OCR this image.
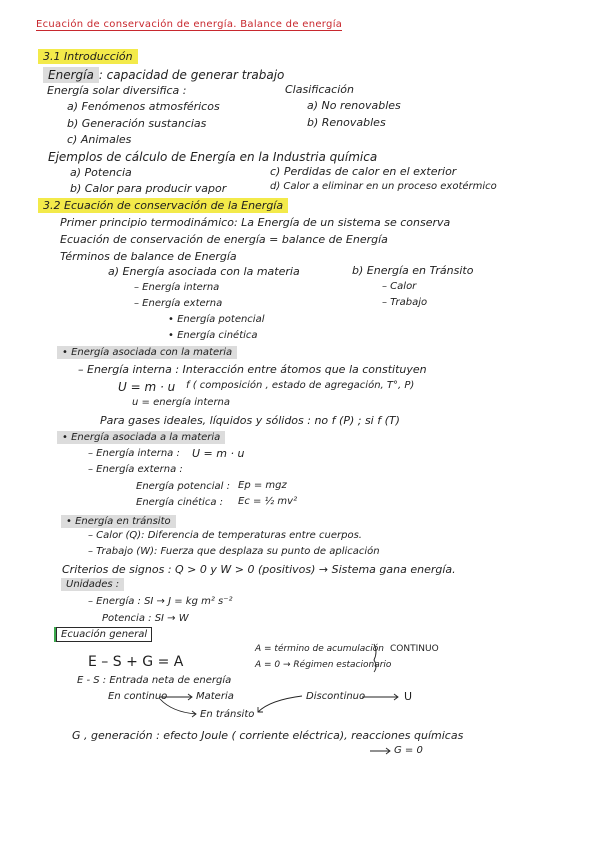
Ecuación de conservación de energía. Balance de energía
3.1 Introducción
Energía : capacidad de generar trabajo
Energía solar diversifica :	Clasificación
a) Fenómenos atmosféricos
b) Generación sustancias
c) Animales
a) No renovables
b) Renovables
Ejemplos de cálculo de Energía en la Industria química
a) Potencia	c) Perdidas de calor en el exterior
b) Calor para producir vapor	d) Calor a eliminar en un proceso exotérmico
3.2 Ecuación de conservación de la Energía
Primer principio termodinámico: La Energía de un sistema se conserva
Ecuación de conservación de energía = balance de Energía
Términos de balance de Energía
a) Energía asociada con la materia	b) Energía en Tránsito
– Energía interna	– Calor
– Energía externa	– Trabajo
• Energía potencial
• Energía cinética
• Energía asociada con la materia
– Energía interna : Interacción entre átomos que la constituyen
U = m · u f ( composición , estado de agregación, T°, P)
u = energía interna
Para gases ideales, líquidos y sólidos : no f (P) ; si f (T)
• Energía asociada a la materia
– Energía interna : U = m · u
– Energía externa :
Energía potencial : Ep = mgz
Energía cinética : Ec = ½ mv²
• Energía en tránsito
– Calor (Q): Diferencia de temperaturas entre cuerpos.
– Trabajo (W): Fuerza que desplaza su punto de aplicación
Criterios de signos : Q > 0 y W > 0 (positivos) → Sistema gana energía.
Unidades :
– Energía : SI → J = kg m² s⁻²
Potencia : SI → W
Ecuación general
A = término de acumulación CONTINUO
E – S + G = A	A = 0 → Régimen estacionario
E - S : Entrada neta de energía
En continuo	Materia	Discontinuo	U
En tránsito
G , generación : efecto Joule ( corriente eléctrica), reacciones químicas
G = 0
